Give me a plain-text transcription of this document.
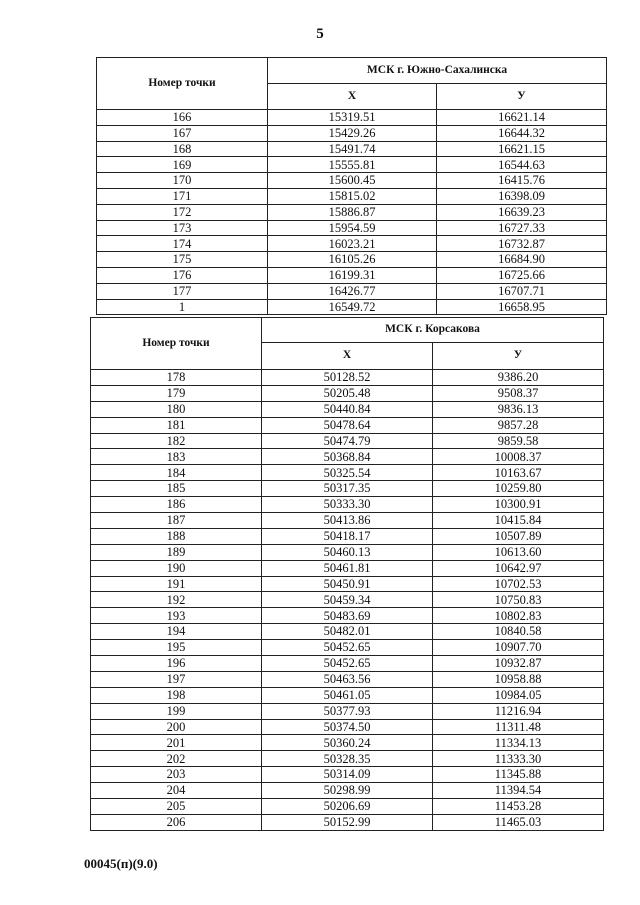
5
Номер точки	МСК г. Южно-Сахалинска	
	Х	У
166	15319.51	16621.14
167	15429.26	16644.32
168	15491.74	16621.15
169	15555.81	16544.63
170	15600.45	16415.76
171	15815.02	16398.09
172	15886.87	16639.23
173	15954.59	16727.33
174	16023.21	16732.87
175	16105.26	16684.90
176	16199.31	16725.66
177	16426.77	16707.71
1	16549.72	16658.95
Номер точки	МСК г. Корсакова	
	Х	У
178	50128.52	9386.20
179	50205.48	9508.37
180	50440.84	9836.13
181	50478.64	9857.28
182	50474.79	9859.58
183	50368.84	10008.37
184	50325.54	10163.67
185	50317.35	10259.80
186	50333.30	10300.91
187	50413.86	10415.84
188	50418.17	10507.89
189	50460.13	10613.60
190	50461.81	10642.97
191	50450.91	10702.53
192	50459.34	10750.83
193	50483.69	10802.83
194	50482.01	10840.58
195	50452.65	10907.70
196	50452.65	10932.87
197	50463.56	10958.88
198	50461.05	10984.05
199	50377.93	11216.94
200	50374.50	11311.48
201	50360.24	11334.13
202	50328.35	11333.30
203	50314.09	11345.88
204	50298.99	11394.54
205	50206.69	11453.28
206	50152.99	11465.03
00045(п)(9.0)
